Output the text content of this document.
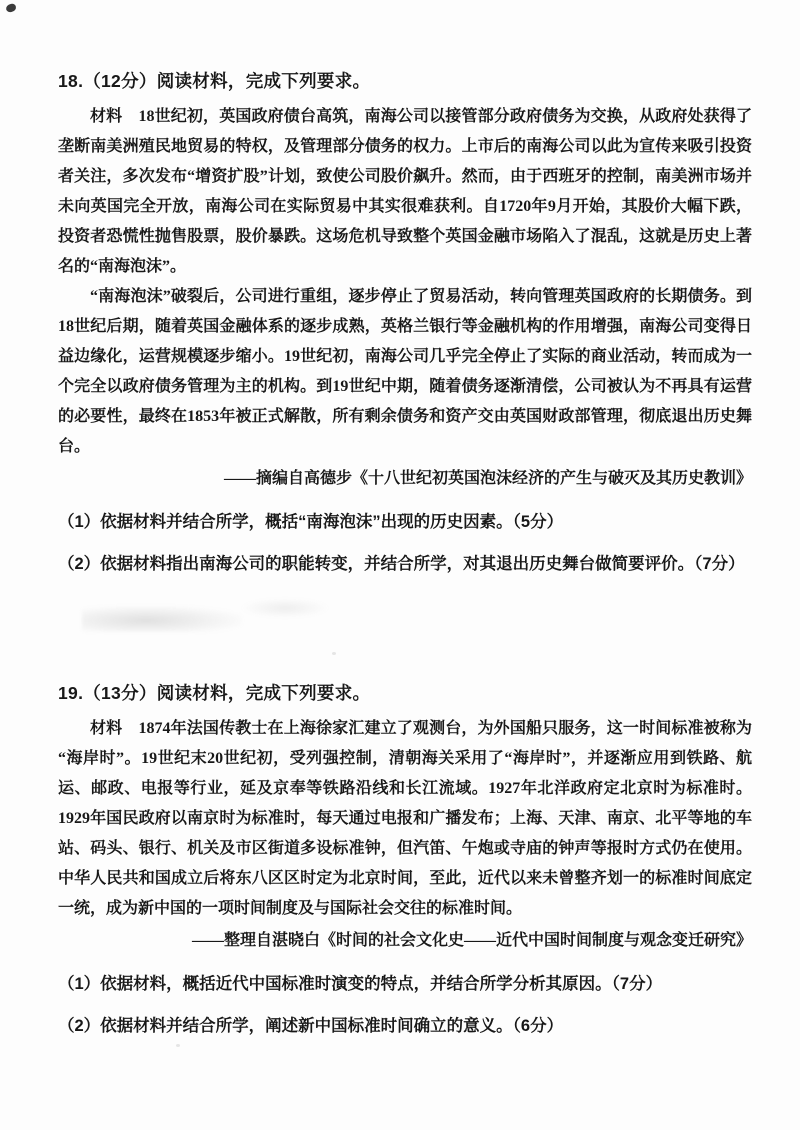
18.（12分）阅读材料，完成下列要求。

材料　18世纪初，英国政府债台高筑，南海公司以接管部分政府债务为交换，从政府处获得了垄断南美洲殖民地贸易的特权，及管理部分债务的权力。上市后的南海公司以此为宣传来吸引投资者关注，多次发布“增资扩股”计划，致使公司股价飙升。然而，由于西班牙的控制，南美洲市场并未向英国完全开放，南海公司在实际贸易中其实很难获利。自1720年9月开始，其股价大幅下跌，投资者恐慌性抛售股票，股价暴跌。这场危机导致整个英国金融市场陷入了混乱，这就是历史上著名的“南海泡沫”。

“南海泡沫”破裂后，公司进行重组，逐步停止了贸易活动，转向管理英国政府的长期债务。到18世纪后期，随着英国金融体系的逐步成熟，英格兰银行等金融机构的作用增强，南海公司变得日益边缘化，运营规模逐步缩小。19世纪初，南海公司几乎完全停止了实际的商业活动，转而成为一个完全以政府债务管理为主的机构。到19世纪中期，随着债务逐渐清偿，公司被认为不再具有运营的必要性，最终在1853年被正式解散，所有剩余债务和资产交由英国财政部管理，彻底退出历史舞台。

——摘编自高德步《十八世纪初英国泡沫经济的产生与破灭及其历史教训》
（1）依据材料并结合所学，概括“南海泡沫”出现的历史因素。（5分）
（2）依据材料指出南海公司的职能转变，并结合所学，对其退出历史舞台做简要评价。（7分）
19.（13分）阅读材料，完成下列要求。

材料　1874年法国传教士在上海徐家汇建立了观测台，为外国船只服务，这一时间标准被称为“海岸时”。19世纪末20世纪初，受列强控制，清朝海关采用了“海岸时”，并逐渐应用到铁路、航运、邮政、电报等行业，延及京奉等铁路沿线和长江流域。1927年北洋政府定北京时为标准时。1929年国民政府以南京时为标准时，每天通过电报和广播发布；上海、天津、南京、北平等地的车站、码头、银行、机关及市区街道多设标准钟，但汽笛、午炮或寺庙的钟声等报时方式仍在使用。中华人民共和国成立后将东八区区时定为北京时间，至此，近代以来未曾整齐划一的标准时间底定一统，成为新中国的一项时间制度及与国际社会交往的标准时间。

——整理自湛晓白《时间的社会文化史——近代中国时间制度与观念变迁研究》
（1）依据材料，概括近代中国标准时演变的特点，并结合所学分析其原因。（7分）
（2）依据材料并结合所学，阐述新中国标准时间确立的意义。（6分）
